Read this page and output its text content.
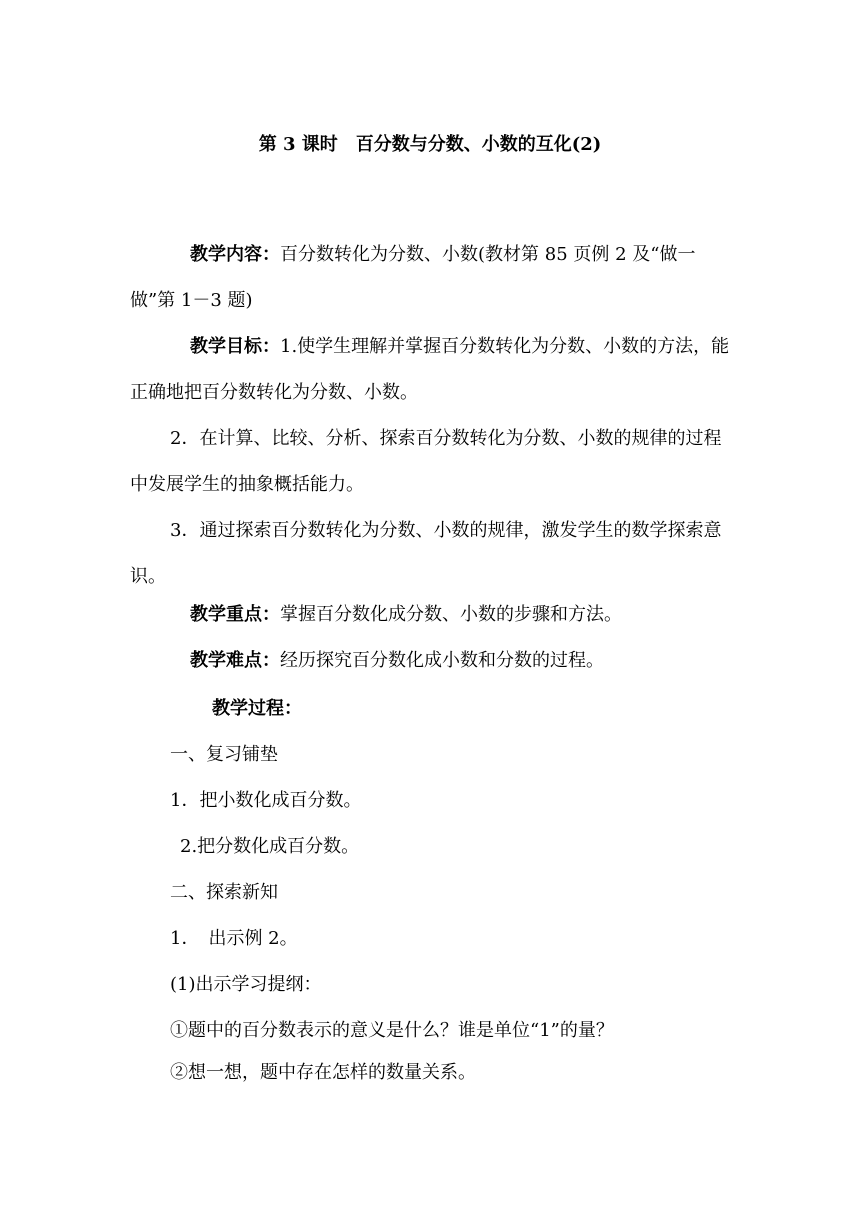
第 3 课时　百分数与分数、小数的互化(2)
教学内容：百分数转化为分数、小数(教材第 85 页例 2 及“做一做”第 1－3 题)
教学目标：1.使学生理解并掌握百分数转化为分数、小数的方法，能正确地把百分数转化为分数、小数。
2．在计算、比较、分析、探索百分数转化为分数、小数的规律的过程中发展学生的抽象概括能力。
3．通过探索百分数转化为分数、小数的规律，激发学生的数学探索意识。
教学重点：掌握百分数化成分数、小数的步骤和方法。
教学难点：经历探究百分数化成小数和分数的过程。
教学过程：
一、复习铺垫
1．把小数化成百分数。
2.把分数化成百分数。
二、探索新知
1．　出示例 2。
(1)出示学习提纲：
①题中的百分数表示的意义是什么？谁是单位“1”的量？
②想一想，题中存在怎样的数量关系。
